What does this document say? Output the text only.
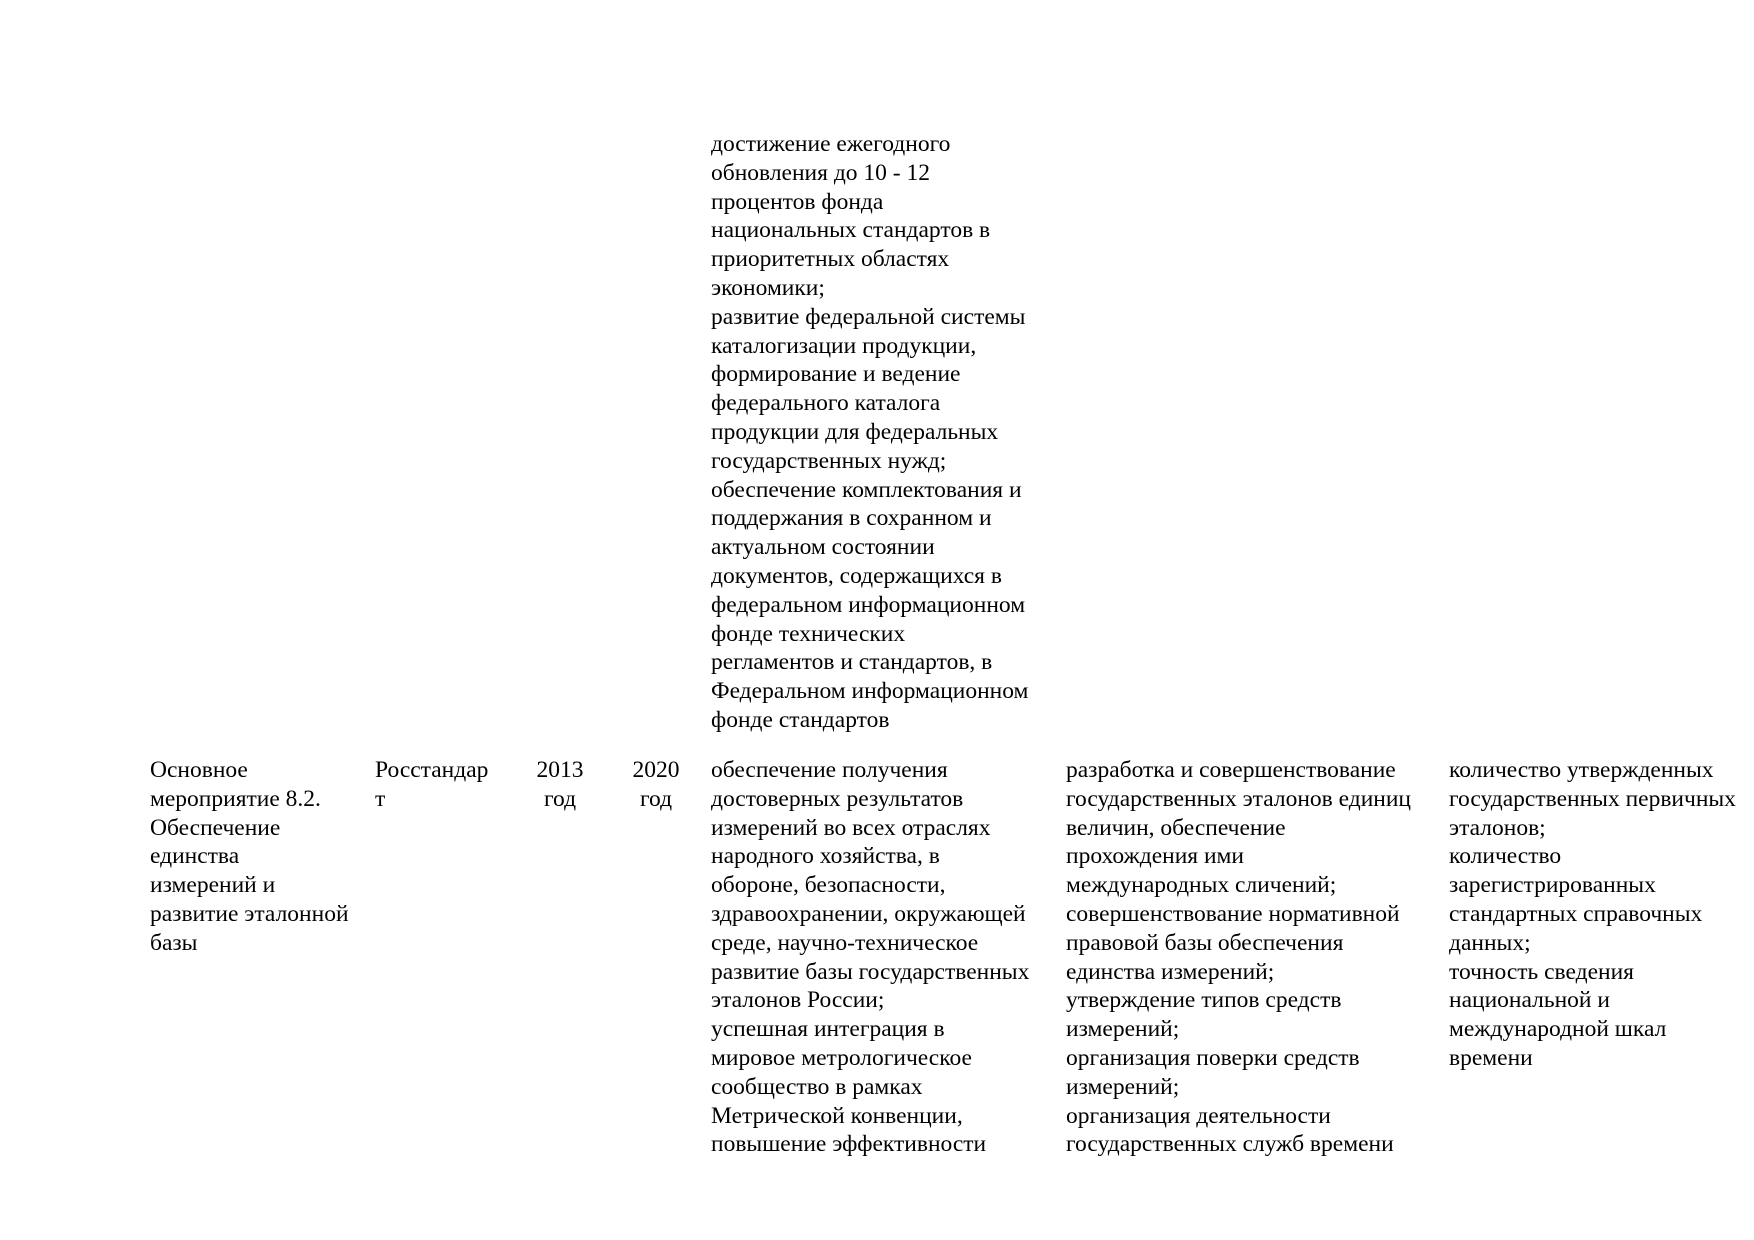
достижение ежегодного
обновления до 10 - 12
процентов фонда
национальных стандартов в
приоритетных областях
экономики;
развитие федеральной системы
каталогизации продукции,
формирование и ведение
федерального каталога
продукции для федеральных
государственных нужд;
обеспечение комплектования и
поддержания в сохранном и
актуальном состоянии
документов, содержащихся в
федеральном информационном
фонде технических
регламентов и стандартов, в
Федеральном информационном
фонде стандартов
Основное
мероприятие 8.2.
Обеспечение
единства
измерений и
развитие эталонной
базы
Росстандар
т
2013
год
2020
год
обеспечение получения
достоверных результатов
измерений во всех отраслях
народного хозяйства, в
обороне, безопасности,
здравоохранении, окружающей
среде, научно-техническое
развитие базы государственных
эталонов России;
успешная интеграция в
мировое метрологическое
сообщество в рамках
Метрической конвенции,
повышение эффективности
разработка и совершенствование
государственных эталонов единиц
величин, обеспечение
прохождения ими
международных сличений;
совершенствование нормативной
правовой базы обеспечения
единства измерений;
утверждение типов средств
измерений;
организация поверки средств
измерений;
организация деятельности
государственных служб времени
количество утвержденных
государственных первичных
эталонов;
количество
зарегистрированных
стандартных справочных
данных;
точность сведения
национальной и
международной шкал
времени
